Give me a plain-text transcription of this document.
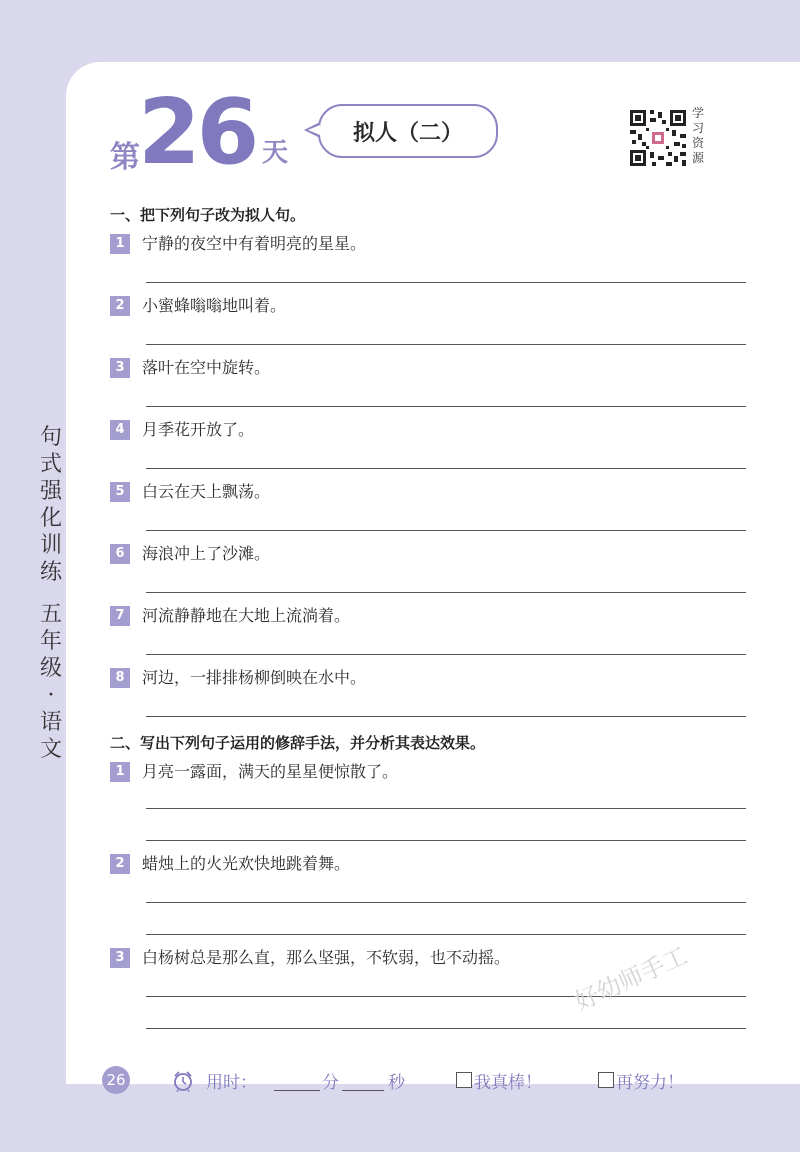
第
26 天
拟人（二）
学习资源
一、把下列句子改为拟人句。
1	宁静的夜空中有着明亮的星星。
2	小蜜蜂嗡嗡地叫着。
3	落叶在空中旋转。
4	月季花开放了。
5	白云在天上飘荡。
6	海浪冲上了沙滩。
7	河流静静地在大地上流淌着。
8	河边，一排排杨柳倒映在水中。
二、写出下列句子运用的修辞手法，并分析其表达效果。
1	月亮一露面，满天的星星便惊散了。
2	蜡烛上的火光欢快地跳着舞。
3	白杨树总是那么直，那么坚强，不软弱，也不动摇。
句式强化训练
五年级
·
语文
好幼师手工
26	用时：	分	秒	我真棒！	再努力！
